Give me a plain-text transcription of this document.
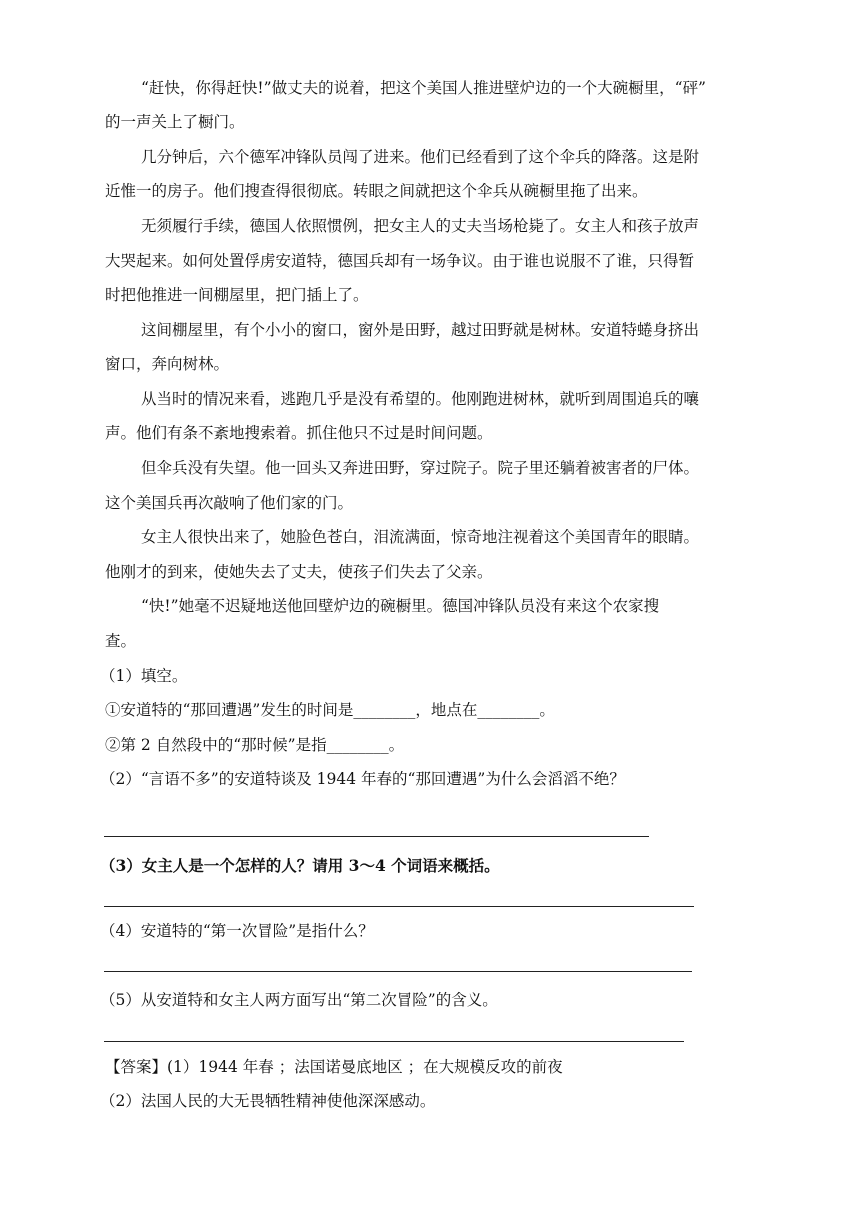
“赶快，你得赶快!”做丈夫的说着，把这个美国人推进壁炉边的一个大碗橱里，“砰”
的一声关上了橱门。
几分钟后，六个德军冲锋队员闯了进来。他们已经看到了这个伞兵的降落。这是附
近惟一的房子。他们搜查得很彻底。转眼之间就把这个伞兵从碗橱里拖了出来。
无须履行手续，德国人依照惯例，把女主人的丈夫当场枪毙了。女主人和孩子放声
大哭起来。如何处置俘虏安道特，德国兵却有一场争议。由于谁也说服不了谁，只得暂
时把他推进一间棚屋里，把门插上了。
这间棚屋里，有个小小的窗口，窗外是田野，越过田野就是树林。安道特蜷身挤出
窗口，奔向树林。
从当时的情况来看，逃跑几乎是没有希望的。他刚跑进树林，就听到周围追兵的嚷
声。他们有条不紊地搜索着。抓住他只不过是时间问题。
但伞兵没有失望。他一回头又奔进田野，穿过院子。院子里还躺着被害者的尸体。
这个美国兵再次敲响了他们家的门。
女主人很快出来了，她脸色苍白，泪流满面，惊奇地注视着这个美国青年的眼睛。
他刚才的到来，使她失去了丈夫，使孩子们失去了父亲。
“快!”她毫不迟疑地送他回壁炉边的碗橱里。德国冲锋队员没有来这个农家搜
查。
（1）填空。
①安道特的“那回遭遇”发生的时间是________，地点在________。
②第 2 自然段中的“那时候”是指________。
（2）“言语不多”的安道特谈及 1944 年春的“那回遭遇”为什么会滔滔不绝？
（3）女主人是一个怎样的人？请用 3～4 个词语来概括。
（4）安道特的“第一次冒险”是指什么？
（5）从安道特和女主人两方面写出“第二次冒险”的含义。
【答案】(1）1944 年春 ；法国诺曼底地区 ；在大规模反攻的前夜
（2）法国人民的大无畏牺牲精神使他深深感动。
